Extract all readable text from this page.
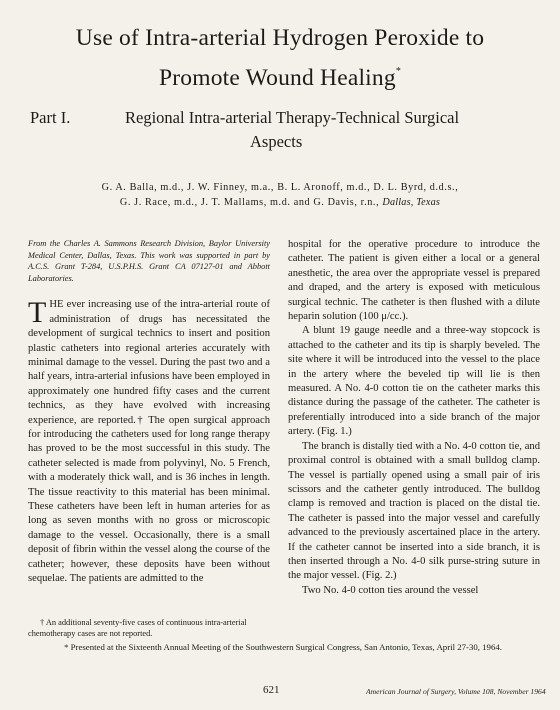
Use of Intra-arterial Hydrogen Peroxide to
Promote Wound Healing*
Part I.	Regional Intra-arterial Therapy-Technical Surgical
Aspects
G. A. Balla, m.d., J. W. Finney, m.a., B. L. Aronoff, m.d., D. L. Byrd, d.d.s.,
G. J. Race, m.d., J. T. Mallams, m.d. and G. Davis, r.n., Dallas, Texas

From the Charles A. Sammons Research Division, Baylor University Medical Center, Dallas, Texas. This work was supported in part by A.C.S. Grant T-284, U.S.P.H.S. Grant CA 07127-01 and Abbott Laboratories.

THE ever increasing use of the intra-arterial route of administration of drugs has necessitated the development of surgical technics to insert and position plastic catheters into regional arteries accurately with minimal damage to the vessel. During the past two and a half years, intra-arterial infusions have been employed in approximately one hundred fifty cases and the current technics, as they have evolved with increasing experience, are reported.† The open surgical approach for introducing the catheters used for long range therapy has proved to be the most successful in this study. The catheter selected is made from polyvinyl, No. 5 French, with a moderately thick wall, and is 36 inches in length. The tissue reactivity to this material has been minimal. These catheters have been left in human arteries for as long as seven months with no gross or microscopic damage to the vessel. Occasionally, there is a small deposit of fibrin within the vessel along the course of the catheter; however, these deposits have been without sequelae. The patients are admitted to the

hospital for the operative procedure to introduce the catheter. The patient is given either a local or a general anesthetic, the area over the appropriate vessel is prepared and draped, and the artery is exposed with meticulous surgical technic. The catheter is then flushed with a dilute heparin solution (100 μ/cc.).

A blunt 19 gauge needle and a three-way stopcock is attached to the catheter and its tip is sharply beveled. The site where it will be introduced into the vessel to the place in the artery where the beveled tip will lie is then measured. A No. 4-0 cotton tie on the catheter marks this distance during the passage of the catheter. The catheter is preferentially introduced into a side branch of the major artery. (Fig. 1.)

The branch is distally tied with a No. 4-0 cotton tie, and proximal control is obtained with a small bulldog clamp. The vessel is partially opened using a small pair of iris scissors and the catheter gently introduced. The bulldog clamp is removed and traction is placed on the distal tie. The catheter is passed into the major vessel and carefully advanced to the previously ascertained place in the artery. If the catheter cannot be inserted into a side branch, it is then inserted through a No. 4-0 silk purse-string suture in the major vessel. (Fig. 2.)

Two No. 4-0 cotton ties around the vessel

† An additional seventy-five cases of continuous intra-arterial chemotherapy cases are not reported.
* Presented at the Sixteenth Annual Meeting of the Southwestern Surgical Congress, San Antonio, Texas, April 27-30, 1964.
621	American Journal of Surgery, Volume 108, November 1964
